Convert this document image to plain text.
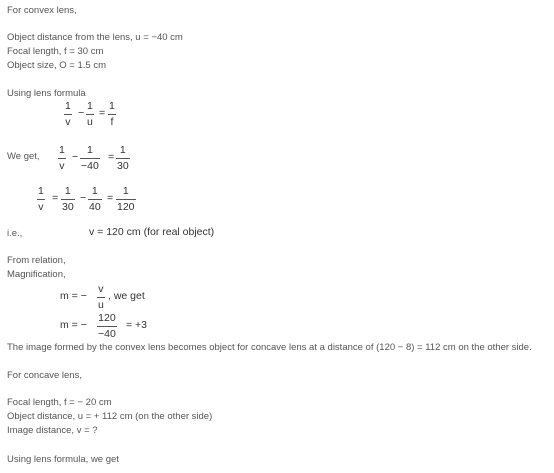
For convex lens,
Object distance from the lens, u = −40 cm
Focal length, f = 30 cm
Object size, O = 1.5 cm
Using lens formula
1
v
−
1
u
=
1
f
We get,
1
v
−
1
−40
=
1
30
1
v
=
1
30
−
1
40
=
1
120
i.e.,	v = 120 cm (for real object)
From relation,
Magnification,
m = −
v
u
, we get
m = −
120
−40
= +3
The image formed by the convex lens becomes object for concave lens at a distance of (120 − 8) = 112 cm on the other side.
For concave lens,
Focal length, f = − 20 cm
Object distance, u = + 112 cm (on the other side)
Image distance, v = ?
Using lens formula, we get
